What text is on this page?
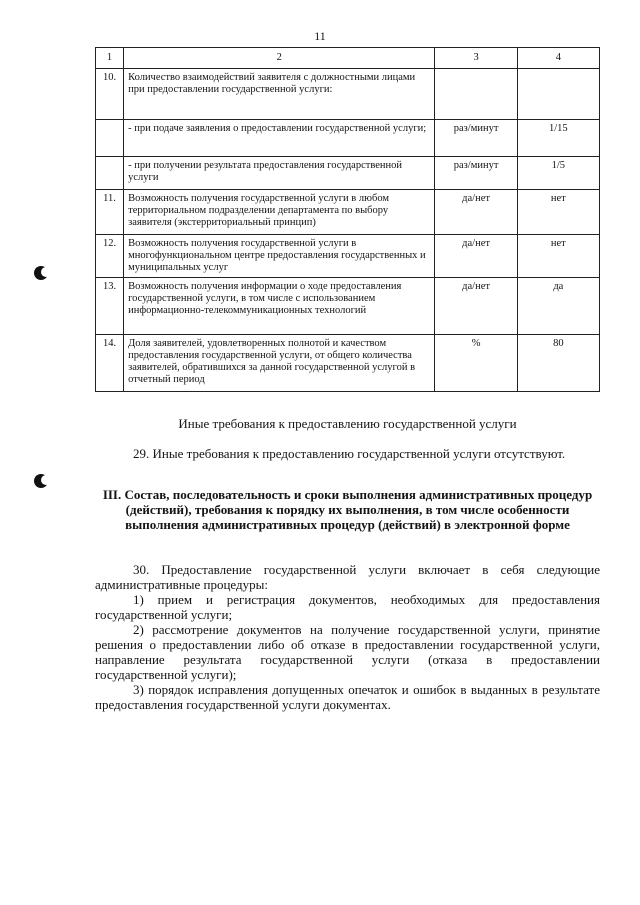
11
1	2	3	4
10.	Количество взаимодействий заявителя с должностными лицами при предоставлении государственной услуги:		
	- при подаче заявления о предоставлении государственной услуги;	раз/минут	1/15
	- при получении результата предоставления государственной услуги	раз/минут	1/5
11.	Возможность получения государственной услуги в любом территориальном подразделении департамента по выбору заявителя (экстерриториальный принцип)	да/нет	нет
12.	Возможность получения государственной услуги в многофункциональном центре предоставления государственных и муниципальных услуг	да/нет	нет
13.	Возможность получения информации о ходе предоставления государственной услуги, в том числе с использованием информационно-телекоммуникационных технологий	да/нет	да
14.	Доля заявителей, удовлетворенных полнотой и качеством предоставления государственной услуги, от общего количества заявителей, обратившихся за данной государственной услугой в отчетный период	%	80
Иные требования к предоставлению государственной услуги
29. Иные требования к предоставлению государственной услуги отсутствуют.
III. Состав, последовательность и сроки выполнения административных процедур (действий), требования к порядку их выполнения, в том числе особенности выполнения административных процедур (действий) в электронной форме
30. Предоставление государственной услуги включает в себя следующие административные процедуры:
1) прием и регистрация документов, необходимых для предоставления государственной услуги;
2) рассмотрение документов на получение государственной услуги, принятие решения о предоставлении либо об отказе в предоставлении государственной услуги, направление результата государственной услуги (отказа в предоставлении государственной услуги);
3) порядок исправления допущенных опечаток и ошибок в выданных в результате предоставления государственной услуги документах.
